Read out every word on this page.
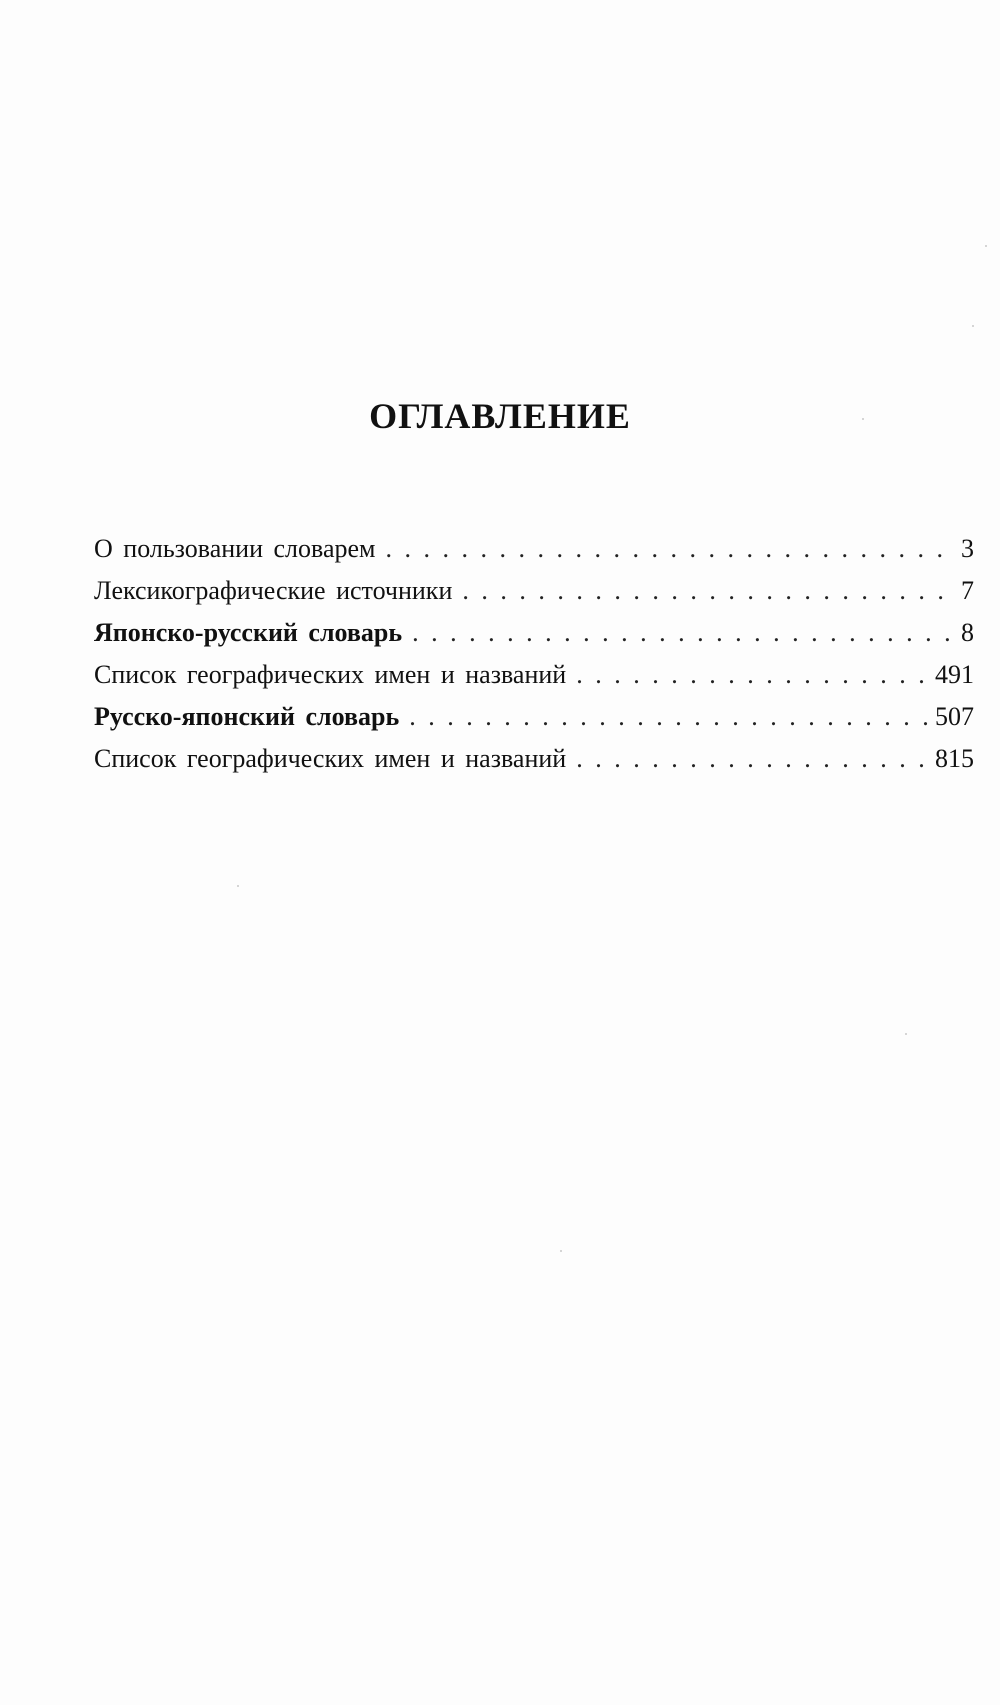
ОГЛАВЛЕНИЕ
О пользовании словарем . . .	3
Лексикографические источники . . .	7
Японско-русский словарь . . .	8
Список географических имен и названий . . .	491
Русско-японский словарь . . .	507
Список географических имен и названий . . .	815
